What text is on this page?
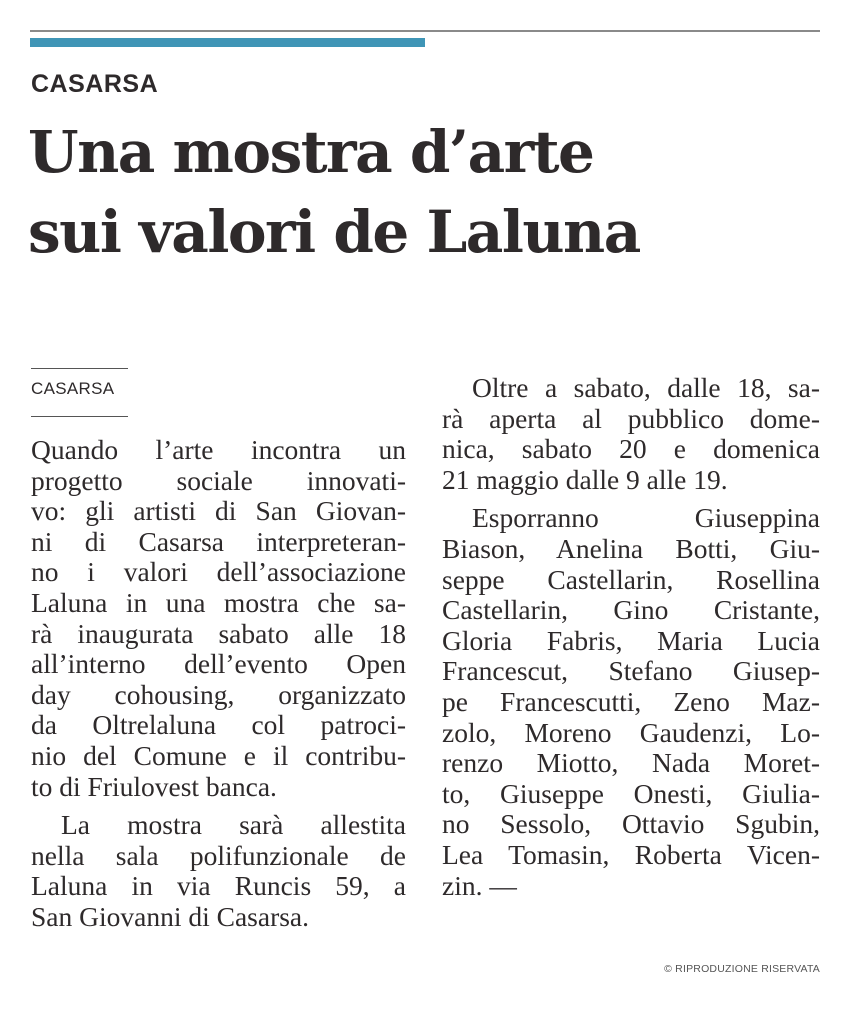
CASARSA
Una mostra d’arte
sui valori de Laluna
CASARSA

Quando l’arte incontra un
progetto sociale innovati-
vo: gli artisti di San Giovan-
ni di Casarsa interpreteran-
no i valori dell’associazione
Laluna in una mostra che sa-
rà inaugurata sabato alle 18
all’interno dell’evento Open
day cohousing, organizzato
da Oltrelaluna col patroci-
nio del Comune e il contribu-
to di Friulovest banca.

La mostra sarà allestita
nella sala polifunzionale de
Laluna in via Runcis 59, a
San Giovanni di Casarsa.

Oltre a sabato, dalle 18, sa-
rà aperta al pubblico dome-
nica, sabato 20 e domenica
21 maggio dalle 9 alle 19.

Esporranno Giuseppina
Biason, Anelina Botti, Giu-
seppe Castellarin, Rosellina
Castellarin, Gino Cristante,
Gloria Fabris, Maria Lucia
Francescut, Stefano Giusep-
pe Francescutti, Zeno Maz-
zolo, Moreno Gaudenzi, Lo-
renzo Miotto, Nada Moret-
to, Giuseppe Onesti, Giulia-
no Sessolo, Ottavio Sgubin,
Lea Tomasin, Roberta Vicen-
zin. —

© RIPRODUZIONE RISERVATA
